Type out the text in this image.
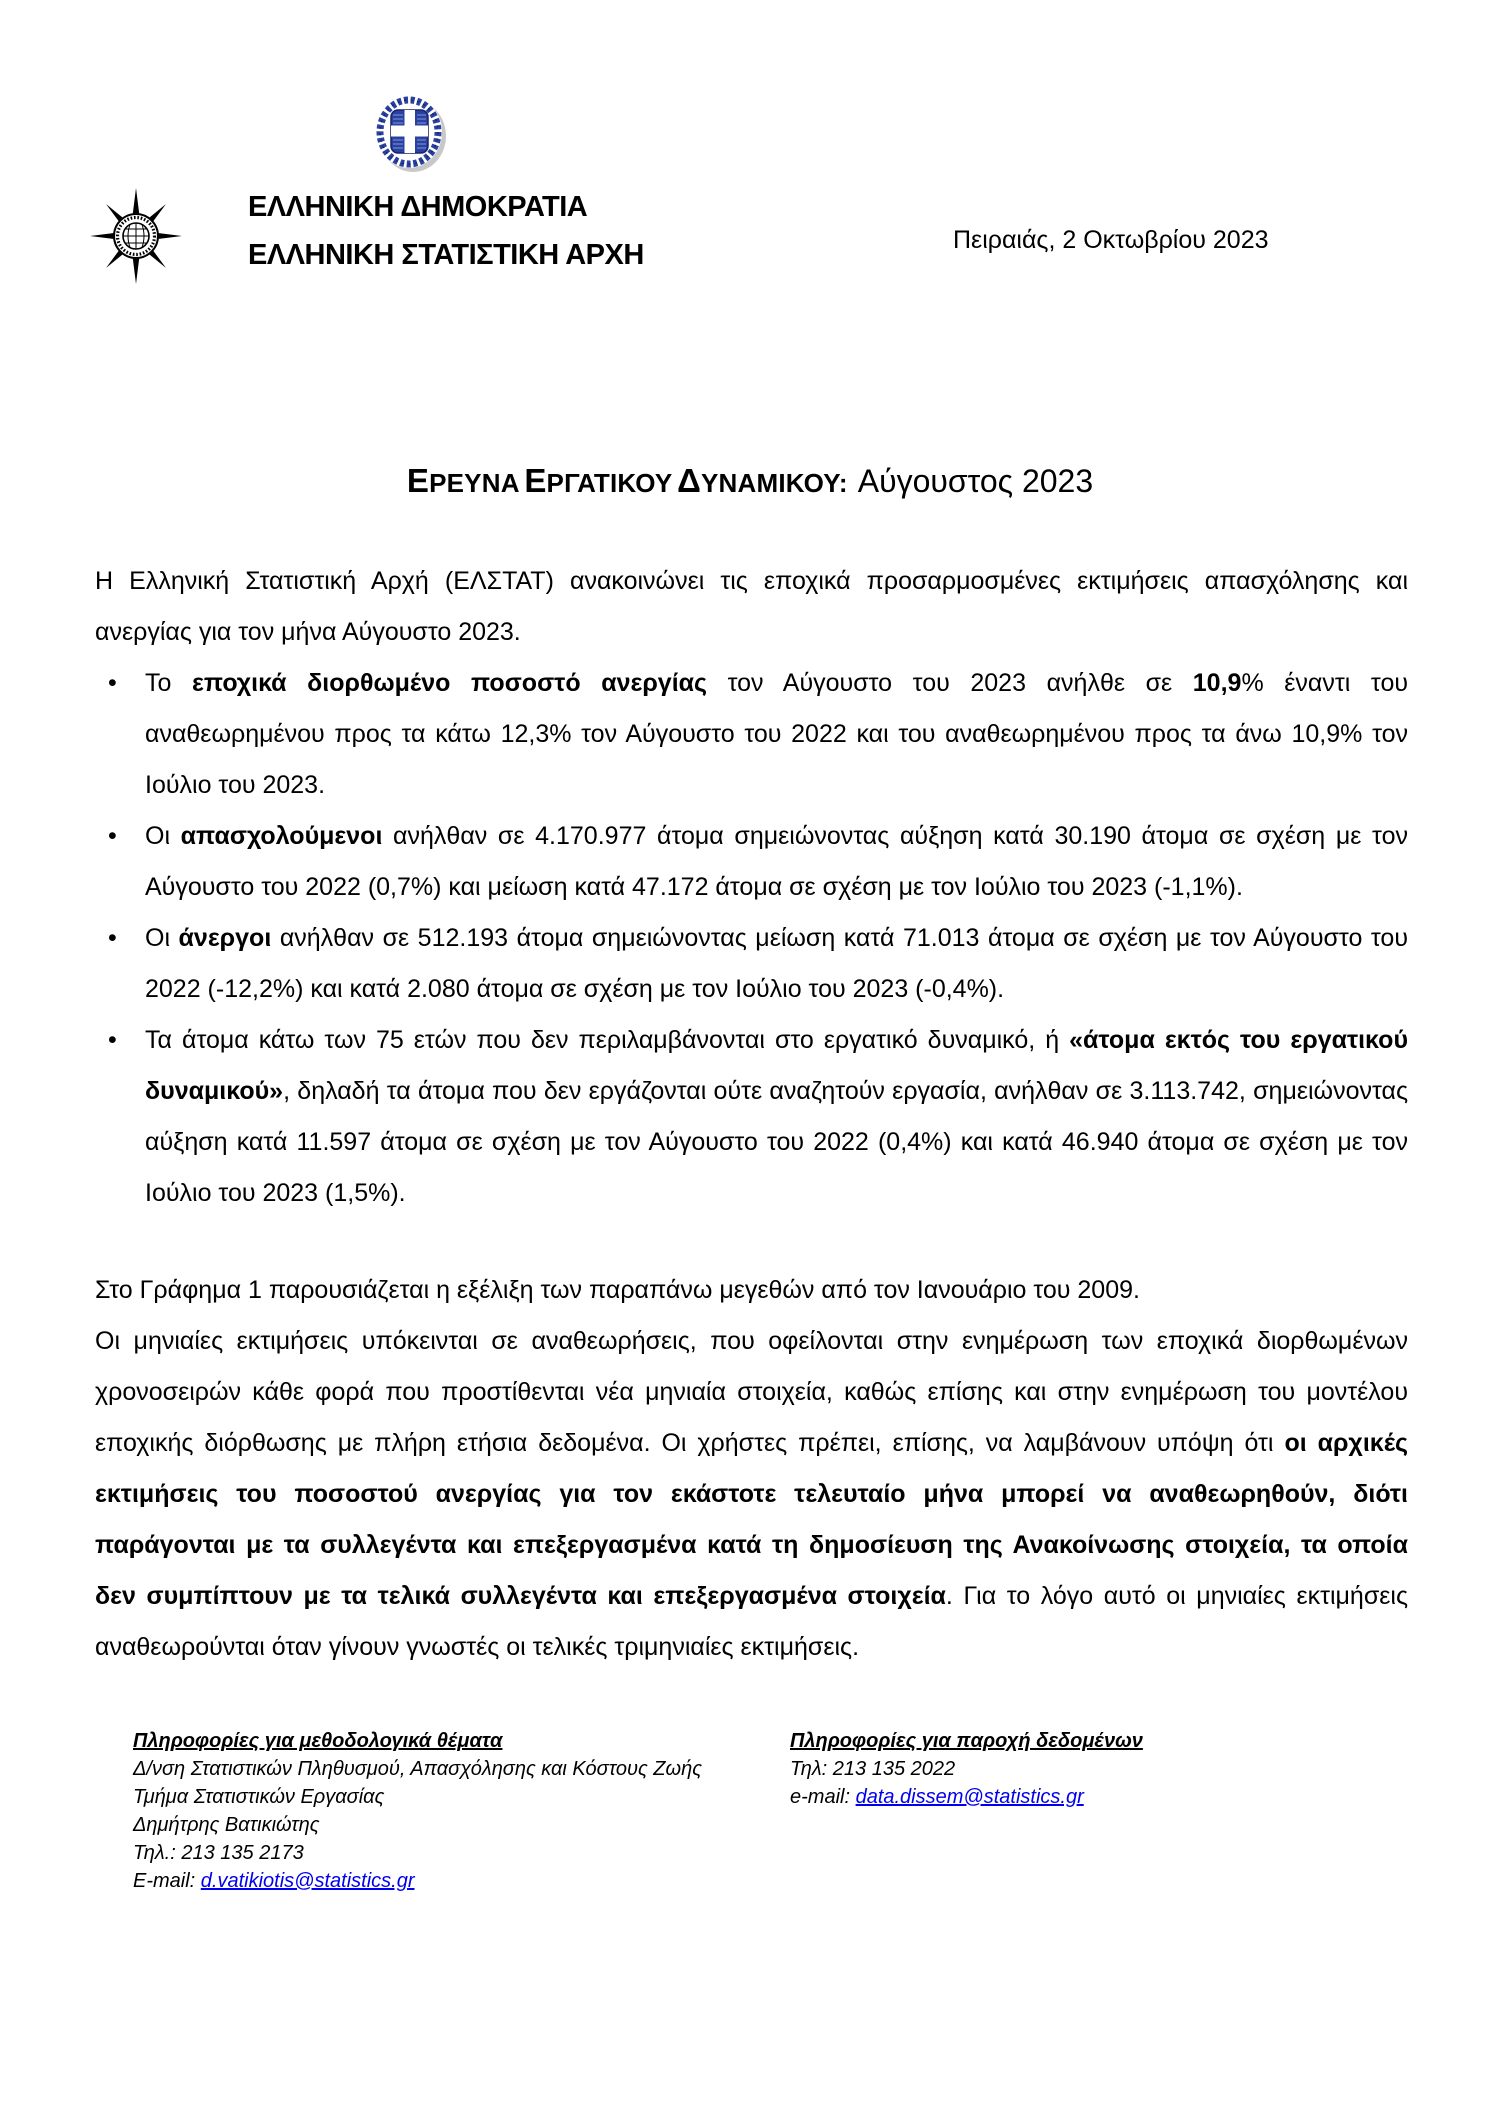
ΕΛΛΗΝΙΚΗ ΔΗΜΟΚΡΑΤΙΑ
ΕΛΛΗΝΙΚΗ ΣΤΑΤΙΣΤΙΚΗ ΑΡΧΗ	Πειραιάς, 2 Οκτωβρίου 2023
ΕΡΕΥΝΑ ΕΡΓΑΤΙΚΟΥ ΔΥΝΑΜΙΚΟΥ: Αύγουστος 2023

Η Ελληνική Στατιστική Αρχή (ΕΛΣΤΑΤ) ανακοινώνει τις εποχικά προσαρμοσμένες εκτιμήσεις απασχόλησης και ανεργίας για τον μήνα Αύγουστο 2023.

• Το εποχικά διορθωμένο ποσοστό ανεργίας τον Αύγουστο του 2023 ανήλθε σε 10,9% έναντι του αναθεωρημένου προς τα κάτω 12,3% τον Αύγουστο του 2022 και του αναθεωρημένου προς τα άνω 10,9% τον Ιούλιο του 2023.
• Οι απασχολούμενοι ανήλθαν σε 4.170.977 άτομα σημειώνοντας αύξηση κατά 30.190 άτομα σε σχέση με τον Αύγουστο του 2022 (0,7%) και μείωση κατά 47.172 άτομα σε σχέση με τον Ιούλιο του 2023 (-1,1%).
• Οι άνεργοι ανήλθαν σε 512.193 άτομα σημειώνοντας μείωση κατά 71.013 άτομα σε σχέση με τον Αύγουστο του 2022 (-12,2%) και κατά 2.080 άτομα σε σχέση με τον Ιούλιο του 2023 (-0,4%).
• Τα άτομα κάτω των 75 ετών που δεν περιλαμβάνονται στο εργατικό δυναμικό, ή «άτομα εκτός του εργατικού δυναμικού», δηλαδή τα άτομα που δεν εργάζονται ούτε αναζητούν εργασία, ανήλθαν σε 3.113.742, σημειώνοντας αύξηση κατά 11.597 άτομα σε σχέση με τον Αύγουστο του 2022 (0,4%) και κατά 46.940 άτομα σε σχέση με τον Ιούλιο του 2023 (1,5%).

Στο Γράφημα 1 παρουσιάζεται η εξέλιξη των παραπάνω μεγεθών από τον Ιανουάριο του 2009.

Οι μηνιαίες εκτιμήσεις υπόκεινται σε αναθεωρήσεις, που οφείλονται στην ενημέρωση των εποχικά διορθωμένων χρονοσειρών κάθε φορά που προστίθενται νέα μηνιαία στοιχεία, καθώς επίσης και στην ενημέρωση του μοντέλου εποχικής διόρθωσης με πλήρη ετήσια δεδομένα. Οι χρήστες πρέπει, επίσης, να λαμβάνουν υπόψη ότι οι αρχικές εκτιμήσεις του ποσοστού ανεργίας για τον εκάστοτε τελευταίο μήνα μπορεί να αναθεωρηθούν, διότι παράγονται με τα συλλεγέντα και επεξεργασμένα κατά τη δημοσίευση της Ανακοίνωσης στοιχεία, τα οποία δεν συμπίπτουν με τα τελικά συλλεγέντα και επεξεργασμένα στοιχεία. Για το λόγο αυτό οι μηνιαίες εκτιμήσεις αναθεωρούνται όταν γίνουν γνωστές οι τελικές τριμηνιαίες εκτιμήσεις.

Πληροφορίες για μεθοδολογικά θέματα
Δ/νση Στατιστικών Πληθυσμού, Απασχόλησης και Κόστους Ζωής
Τμήμα Στατιστικών Εργασίας
Δημήτρης Βατικιώτης
Τηλ.: 213 135 2173
E-mail: d.vatikiotis@statistics.gr
Πληροφορίες για παροχή δεδομένων
Τηλ: 213 135 2022
e-mail: data.dissem@statistics.gr
